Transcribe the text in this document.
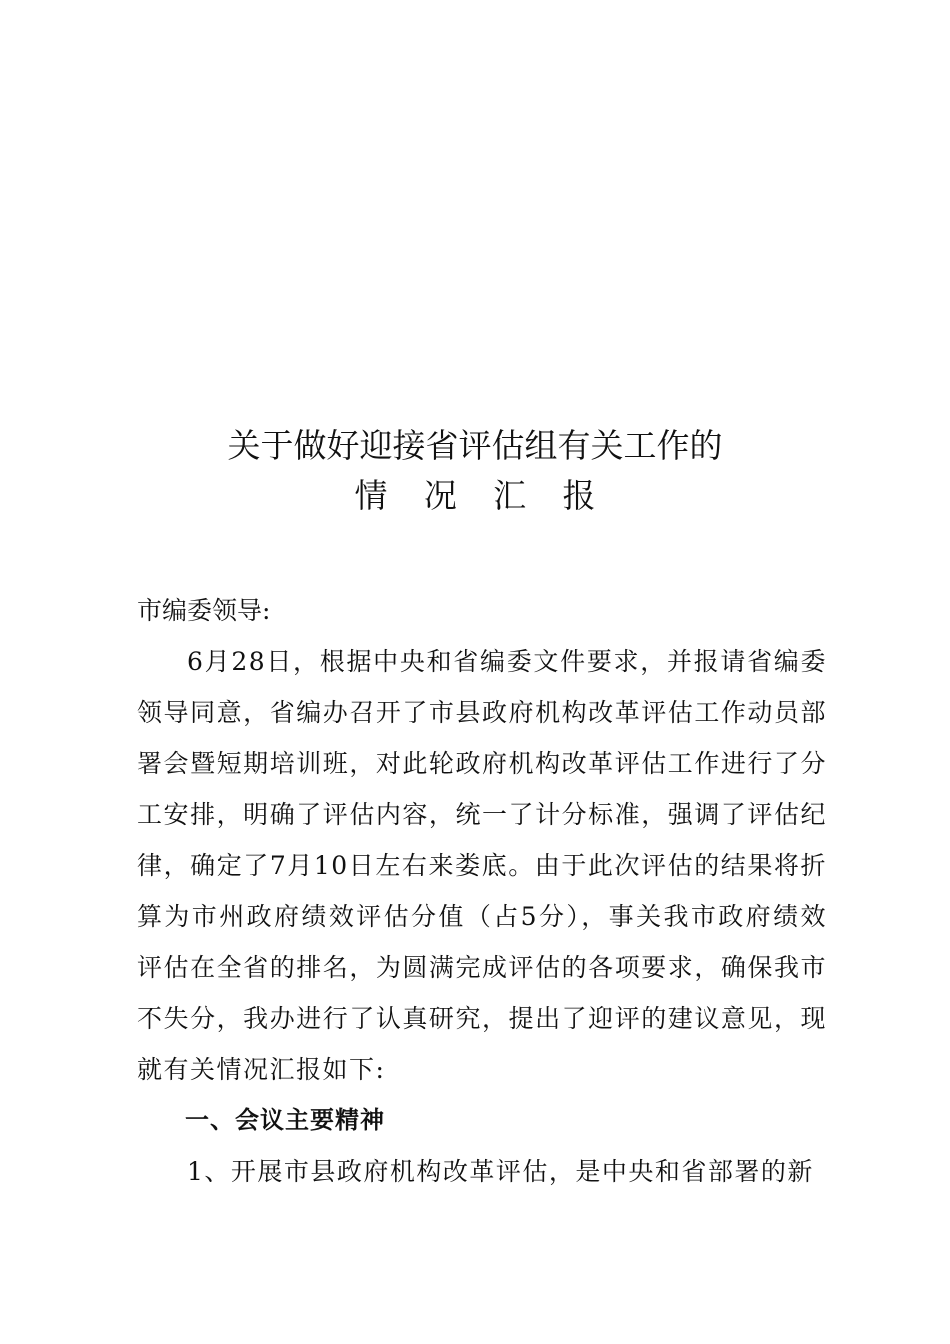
关于做好迎接省评估组有关工作的
情况汇报

市编委领导:

6月28日，根据中央和省编委文件要求，并报请省编委领导同意，省编办召开了市县政府机构改革评估工作动员部署会暨短期培训班，对此轮政府机构改革评估工作进行了分工安排，明确了评估内容，统一了计分标准，强调了评估纪律，确定了7月10日左右来娄底。由于此次评估的结果将折算为市州政府绩效评估分值（占5分），事关我市政府绩效评估在全省的排名，为圆满完成评估的各项要求，确保我市不失分，我办进行了认真研究，提出了迎评的建议意见，现就有关情况汇报如下:

一、会议主要精神

1、开展市县政府机构改革评估，是中央和省部署的新
